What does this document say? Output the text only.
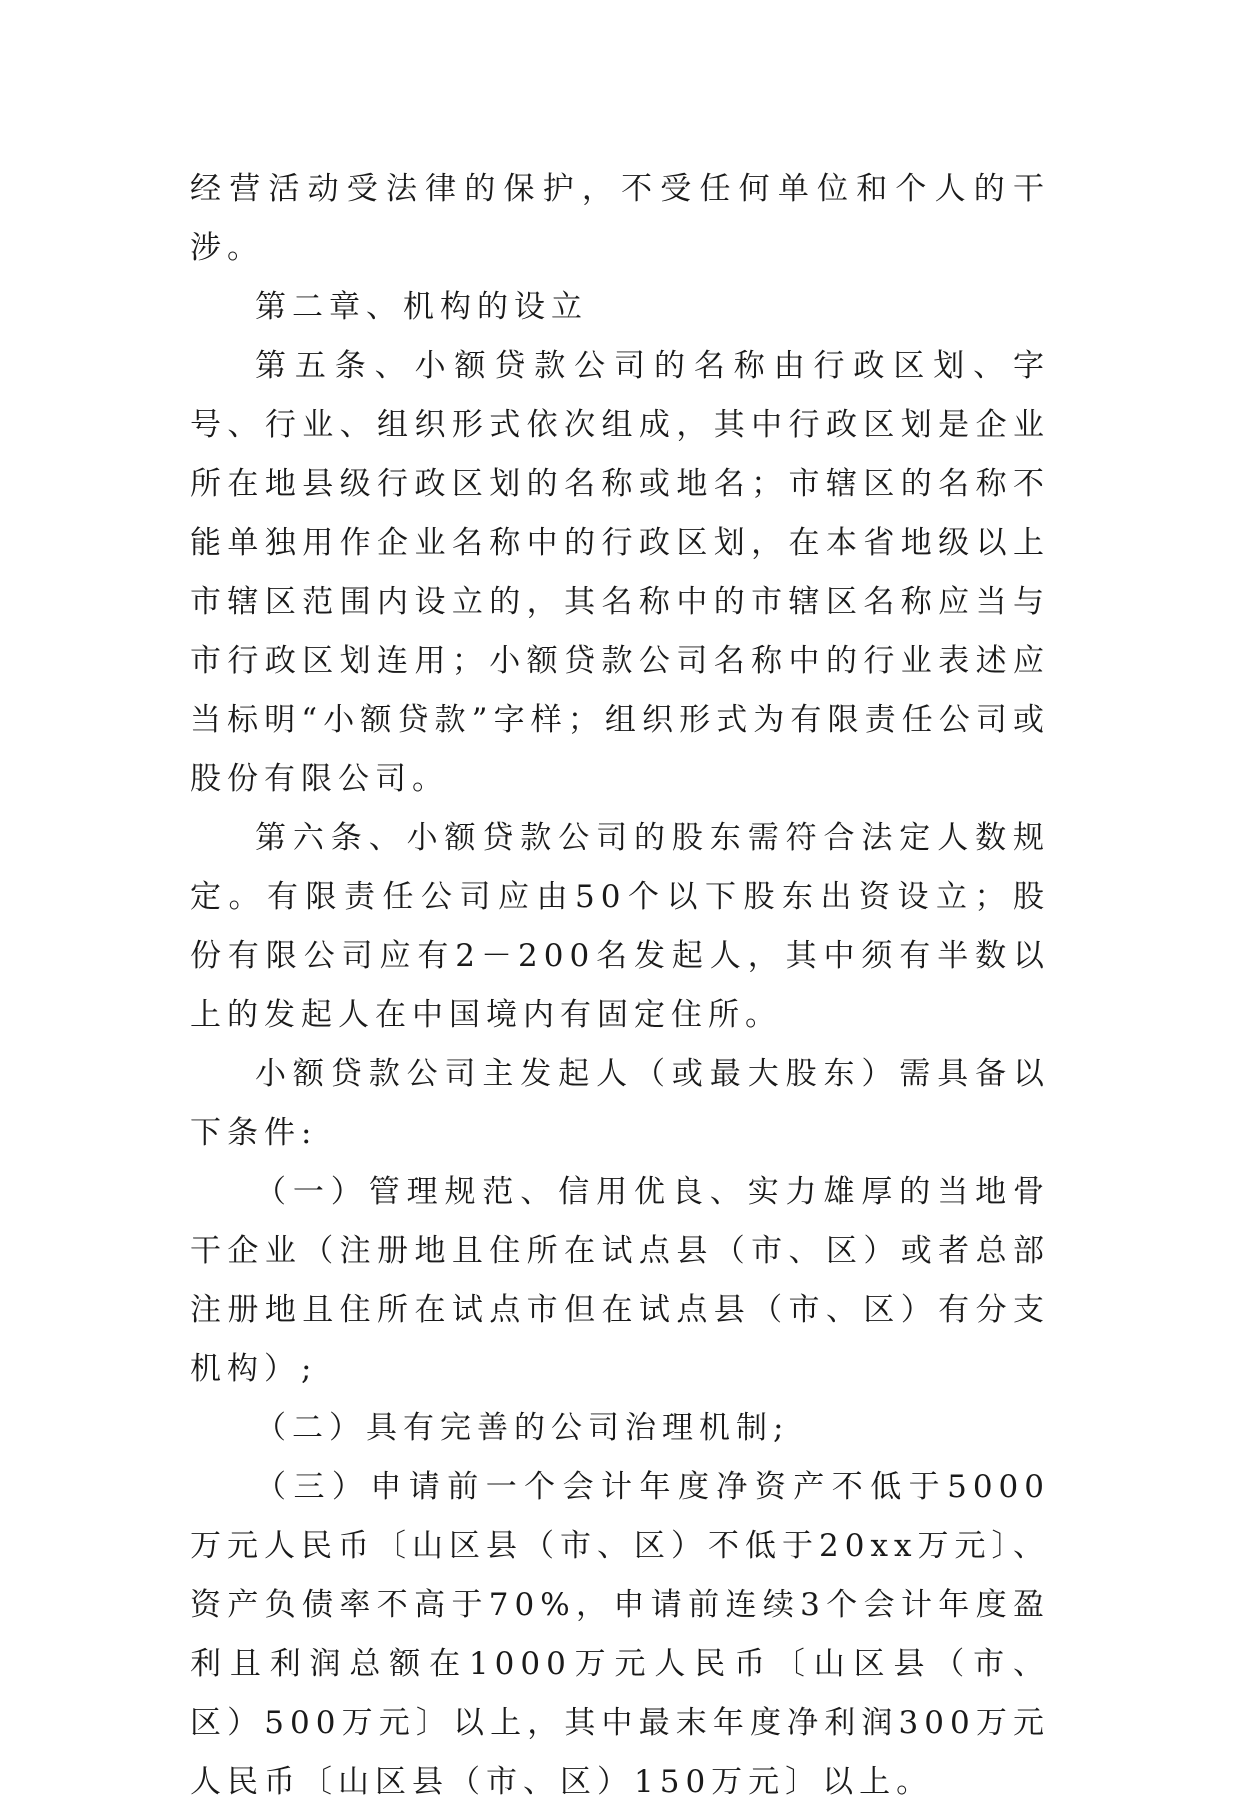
经营活动受法律的保护，不受任何单位和个人的干涉。

第二章、机构的设立

第五条、小额贷款公司的名称由行政区划、字号、行业、组织形式依次组成，其中行政区划是企业所在地县级行政区划的名称或地名；市辖区的名称不能单独用作企业名称中的行政区划，在本省地级以上市辖区范围内设立的，其名称中的市辖区名称应当与市行政区划连用；小额贷款公司名称中的行业表述应当标明“小额贷款”字样；组织形式为有限责任公司或股份有限公司。

第六条、小额贷款公司的股东需符合法定人数规定。有限责任公司应由50个以下股东出资设立；股份有限公司应有2－200名发起人，其中须有半数以上的发起人在中国境内有固定住所。

小额贷款公司主发起人（或最大股东）需具备以下条件:

（一）管理规范、信用优良、实力雄厚的当地骨干企业（注册地且住所在试点县（市、区）或者总部注册地且住所在试点市但在试点县（市、区）有分支机构）;

（二）具有完善的公司治理机制;

（三）申请前一个会计年度净资产不低于5000万元人民币〔山区县（市、区）不低于20xx万元〕、资产负债率不高于70%，申请前连续3个会计年度盈利且利润总额在1000万元人民币〔山区县（市、区）500万元〕以上，其中最末年度净利润300万元人民币〔山区县（市、区）150万元〕以上。
